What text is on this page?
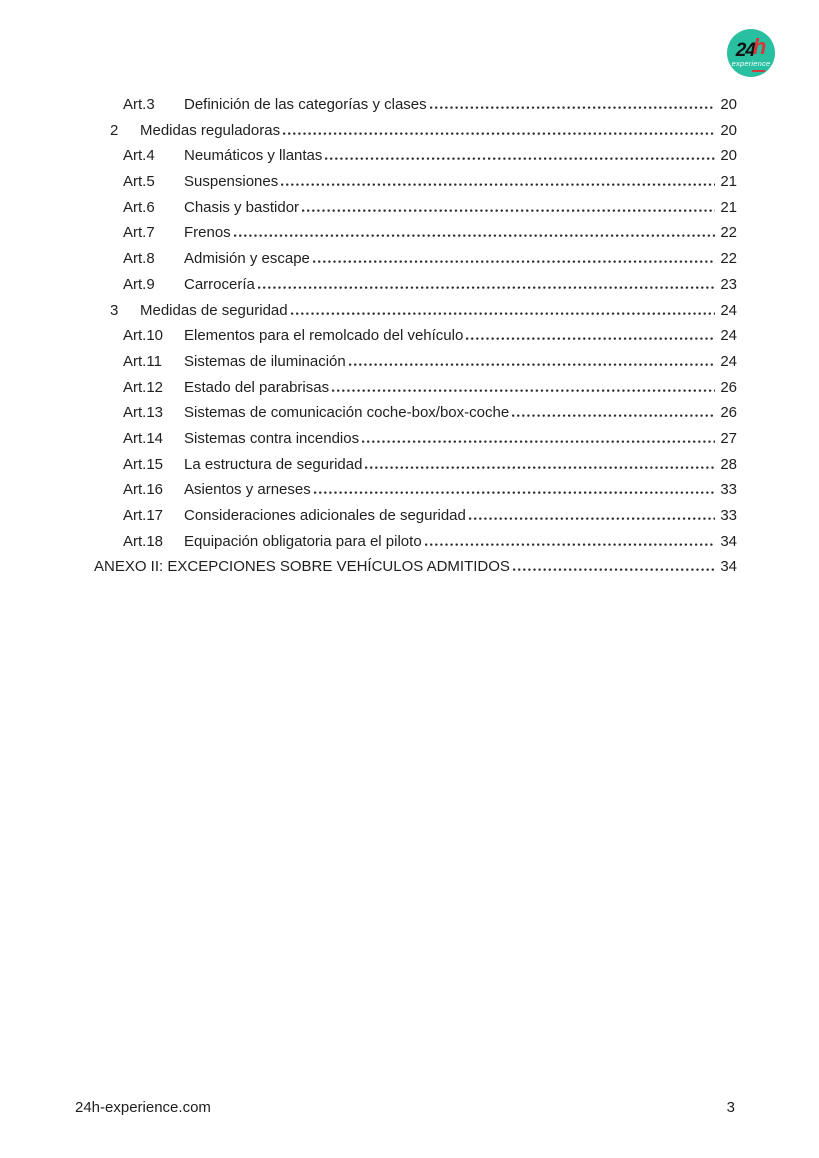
24h
experience
Art.3	Definición de las categorías y clases	20
2	Medidas reguladoras	20
Art.4	Neumáticos y llantas	20
Art.5	Suspensiones	21
Art.6	Chasis y bastidor	21
Art.7	Frenos	22
Art.8	Admisión y escape	22
Art.9	Carrocería	23
3	Medidas de seguridad	24
Art.10	Elementos para el remolcado del vehículo	24
Art.11	Sistemas de iluminación	24
Art.12	Estado del parabrisas	26
Art.13	Sistemas de comunicación coche-box/box-coche	26
Art.14	Sistemas contra incendios	27
Art.15	La estructura de seguridad	28
Art.16	Asientos y arneses	33
Art.17	Consideraciones adicionales de seguridad	33
Art.18	Equipación obligatoria para el piloto	34
ANEXO II: EXCEPCIONES SOBRE VEHÍCULOS ADMITIDOS	34
24h-experience.com	3
